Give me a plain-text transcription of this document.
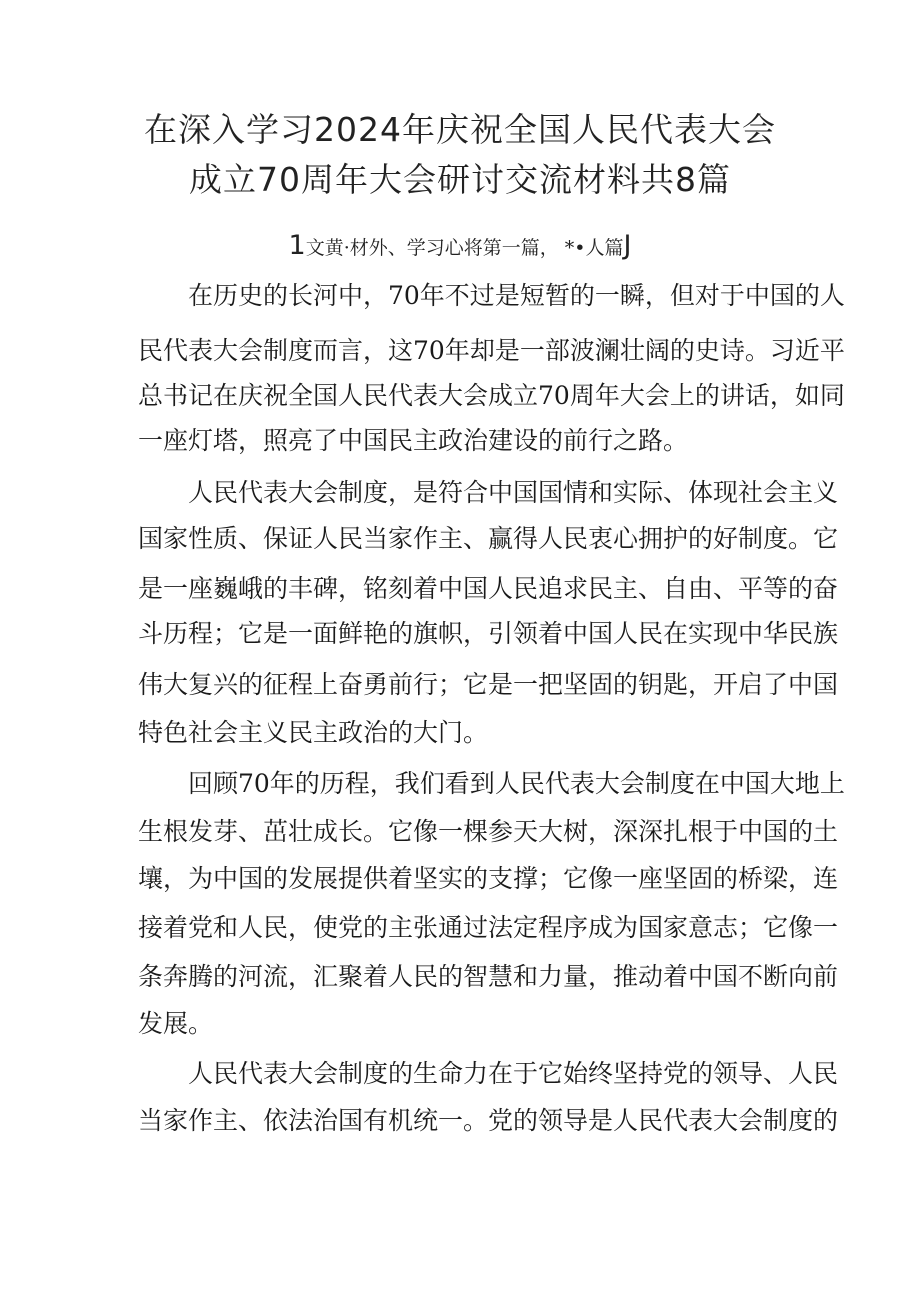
在深入学习2024年庆祝全国人民代表大会
成立70周年大会研讨交流材料共8篇
1文黄·材外、学习心将第一篇， *•人篇J
在历史的长河中，70年不过是短暂的一瞬，但对于中国的人
民代表大会制度而言，这70年却是一部波澜壮阔的史诗。习近平
总书记在庆祝全国人民代表大会成立70周年大会上的讲话，如同
一座灯塔，照亮了中国民主政治建设的前行之路。
人民代表大会制度，是符合中国国情和实际、体现社会主义
国家性质、保证人民当家作主、赢得人民衷心拥护的好制度。它
是一座巍峨的丰碑，铭刻着中国人民追求民主、自由、平等的奋
斗历程；它是一面鲜艳的旗帜，引领着中国人民在实现中华民族
伟大复兴的征程上奋勇前行；它是一把坚固的钥匙，开启了中国
特色社会主义民主政治的大门。
回顾70年的历程，我们看到人民代表大会制度在中国大地上
生根发芽、茁壮成长。它像一棵参天大树，深深扎根于中国的土
壤，为中国的发展提供着坚实的支撑；它像一座坚固的桥梁，连
接着党和人民，使党的主张通过法定程序成为国家意志；它像一
条奔腾的河流，汇聚着人民的智慧和力量，推动着中国不断向前
发展。
人民代表大会制度的生命力在于它始终坚持党的领导、人民
当家作主、依法治国有机统一。党的领导是人民代表大会制度的
